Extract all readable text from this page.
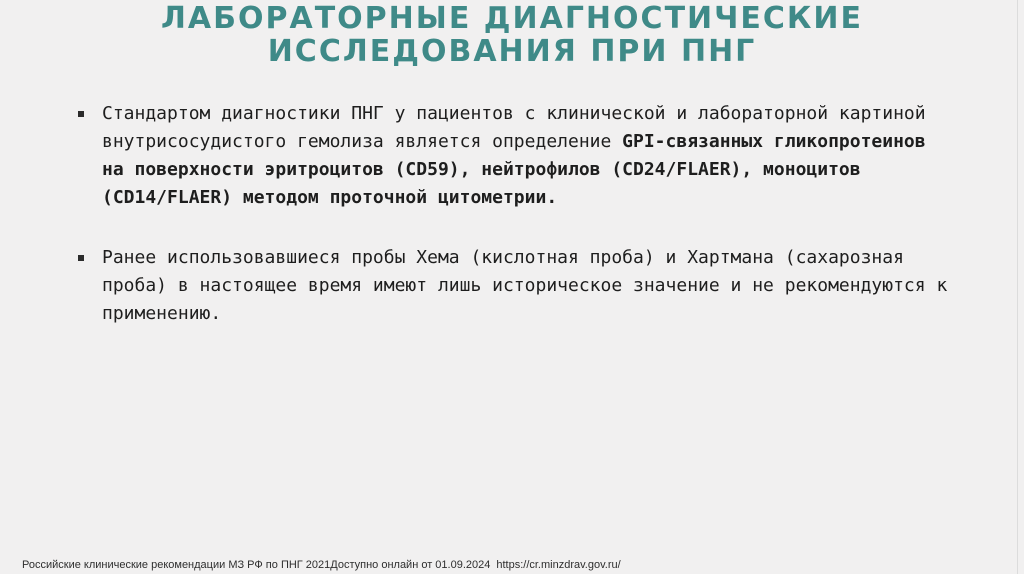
ЛАБОРАТОРНЫЕ ДИАГНОСТИЧЕСКИЕ ИССЛЕДОВАНИЯ ПРИ ПНГ
Стандартом диагностики ПНГ у пациентов с клинической и лабораторной картиной внутрисосудистого гемолиза является определение GPI-связанных гликопротеинов на поверхности эритроцитов (CD59), нейтрофилов (CD24/FLAER), моноцитов (CD14/FLAER) методом проточной цитометрии.
Ранее использовавшиеся пробы Хема (кислотная проба) и Хартмана (сахарозная проба) в настоящее время имеют лишь историческое значение и не рекомендуются к применению.
Российские клинические рекомендации МЗ РФ по ПНГ 2021Доступно онлайн от 01.09.2024 https://cr.minzdrav.gov.ru/
